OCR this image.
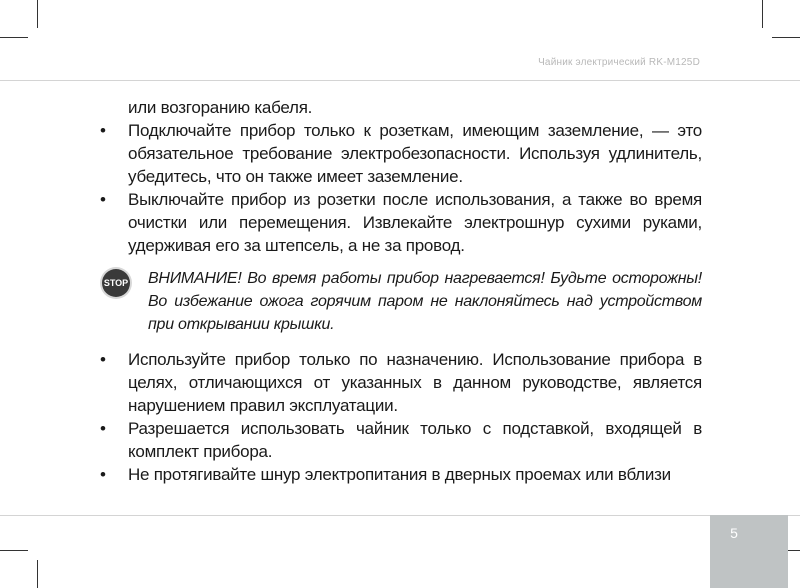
Чайник электрический RK-M125D

или возгоранию кабеля.

•	Подключайте прибор только к розеткам, имеющим заземление, — это обязательное требование электробезопасности. Используя удлинитель, убедитесь, что он также имеет заземление.
•	Выключайте прибор из розетки после использования, а также во время очистки или перемещения. Извлекайте электрошнур сухими руками, удерживая его за штепсель, а не за провод.
STOP ВНИМАНИЕ! Во время работы прибор нагревается! Будьте осторожны! Во избежание ожога горячим паром не наклоняйтесь над устройством при открывании крышки.
•	Используйте прибор только по назначению. Использование прибора в целях, отличающихся от указанных в данном руководстве, является нарушением правил эксплуатации.
•	Разрешается использовать чайник только с подставкой, входящей в комплект прибора.
•	Не протягивайте шнур электропитания в дверных проемах или вблизи
5
